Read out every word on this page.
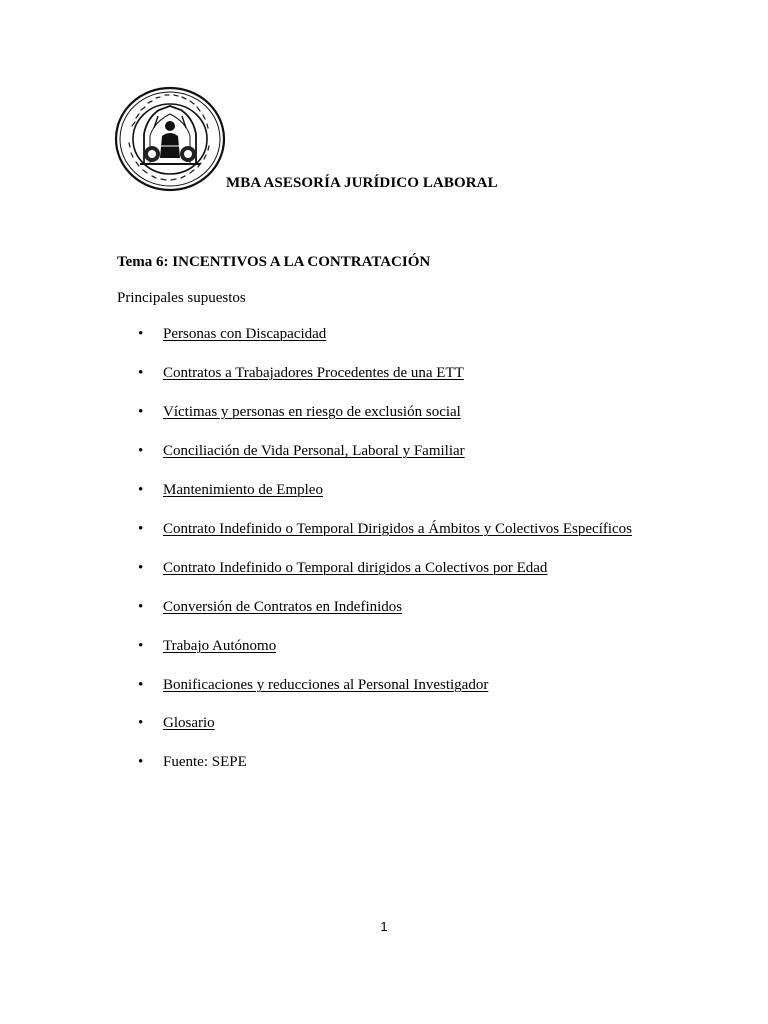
MBA ASESORÍA JURÍDICO LABORAL
Tema 6: INCENTIVOS A LA CONTRATACIÓN
Principales supuestos
• Personas con Discapacidad
• Contratos a Trabajadores Procedentes de una ETT
• Víctimas y personas en riesgo de exclusión social
• Conciliación de Vida Personal, Laboral y Familiar
• Mantenimiento de Empleo
• Contrato Indefinido o Temporal Dirigidos a Ámbitos y Colectivos Específicos
• Contrato Indefinido o Temporal dirigidos a Colectivos por Edad
• Conversión de Contratos en Indefinidos
• Trabajo Autónomo
• Bonificaciones y reducciones al Personal Investigador
• Glosario
• Fuente: SEPE
1
